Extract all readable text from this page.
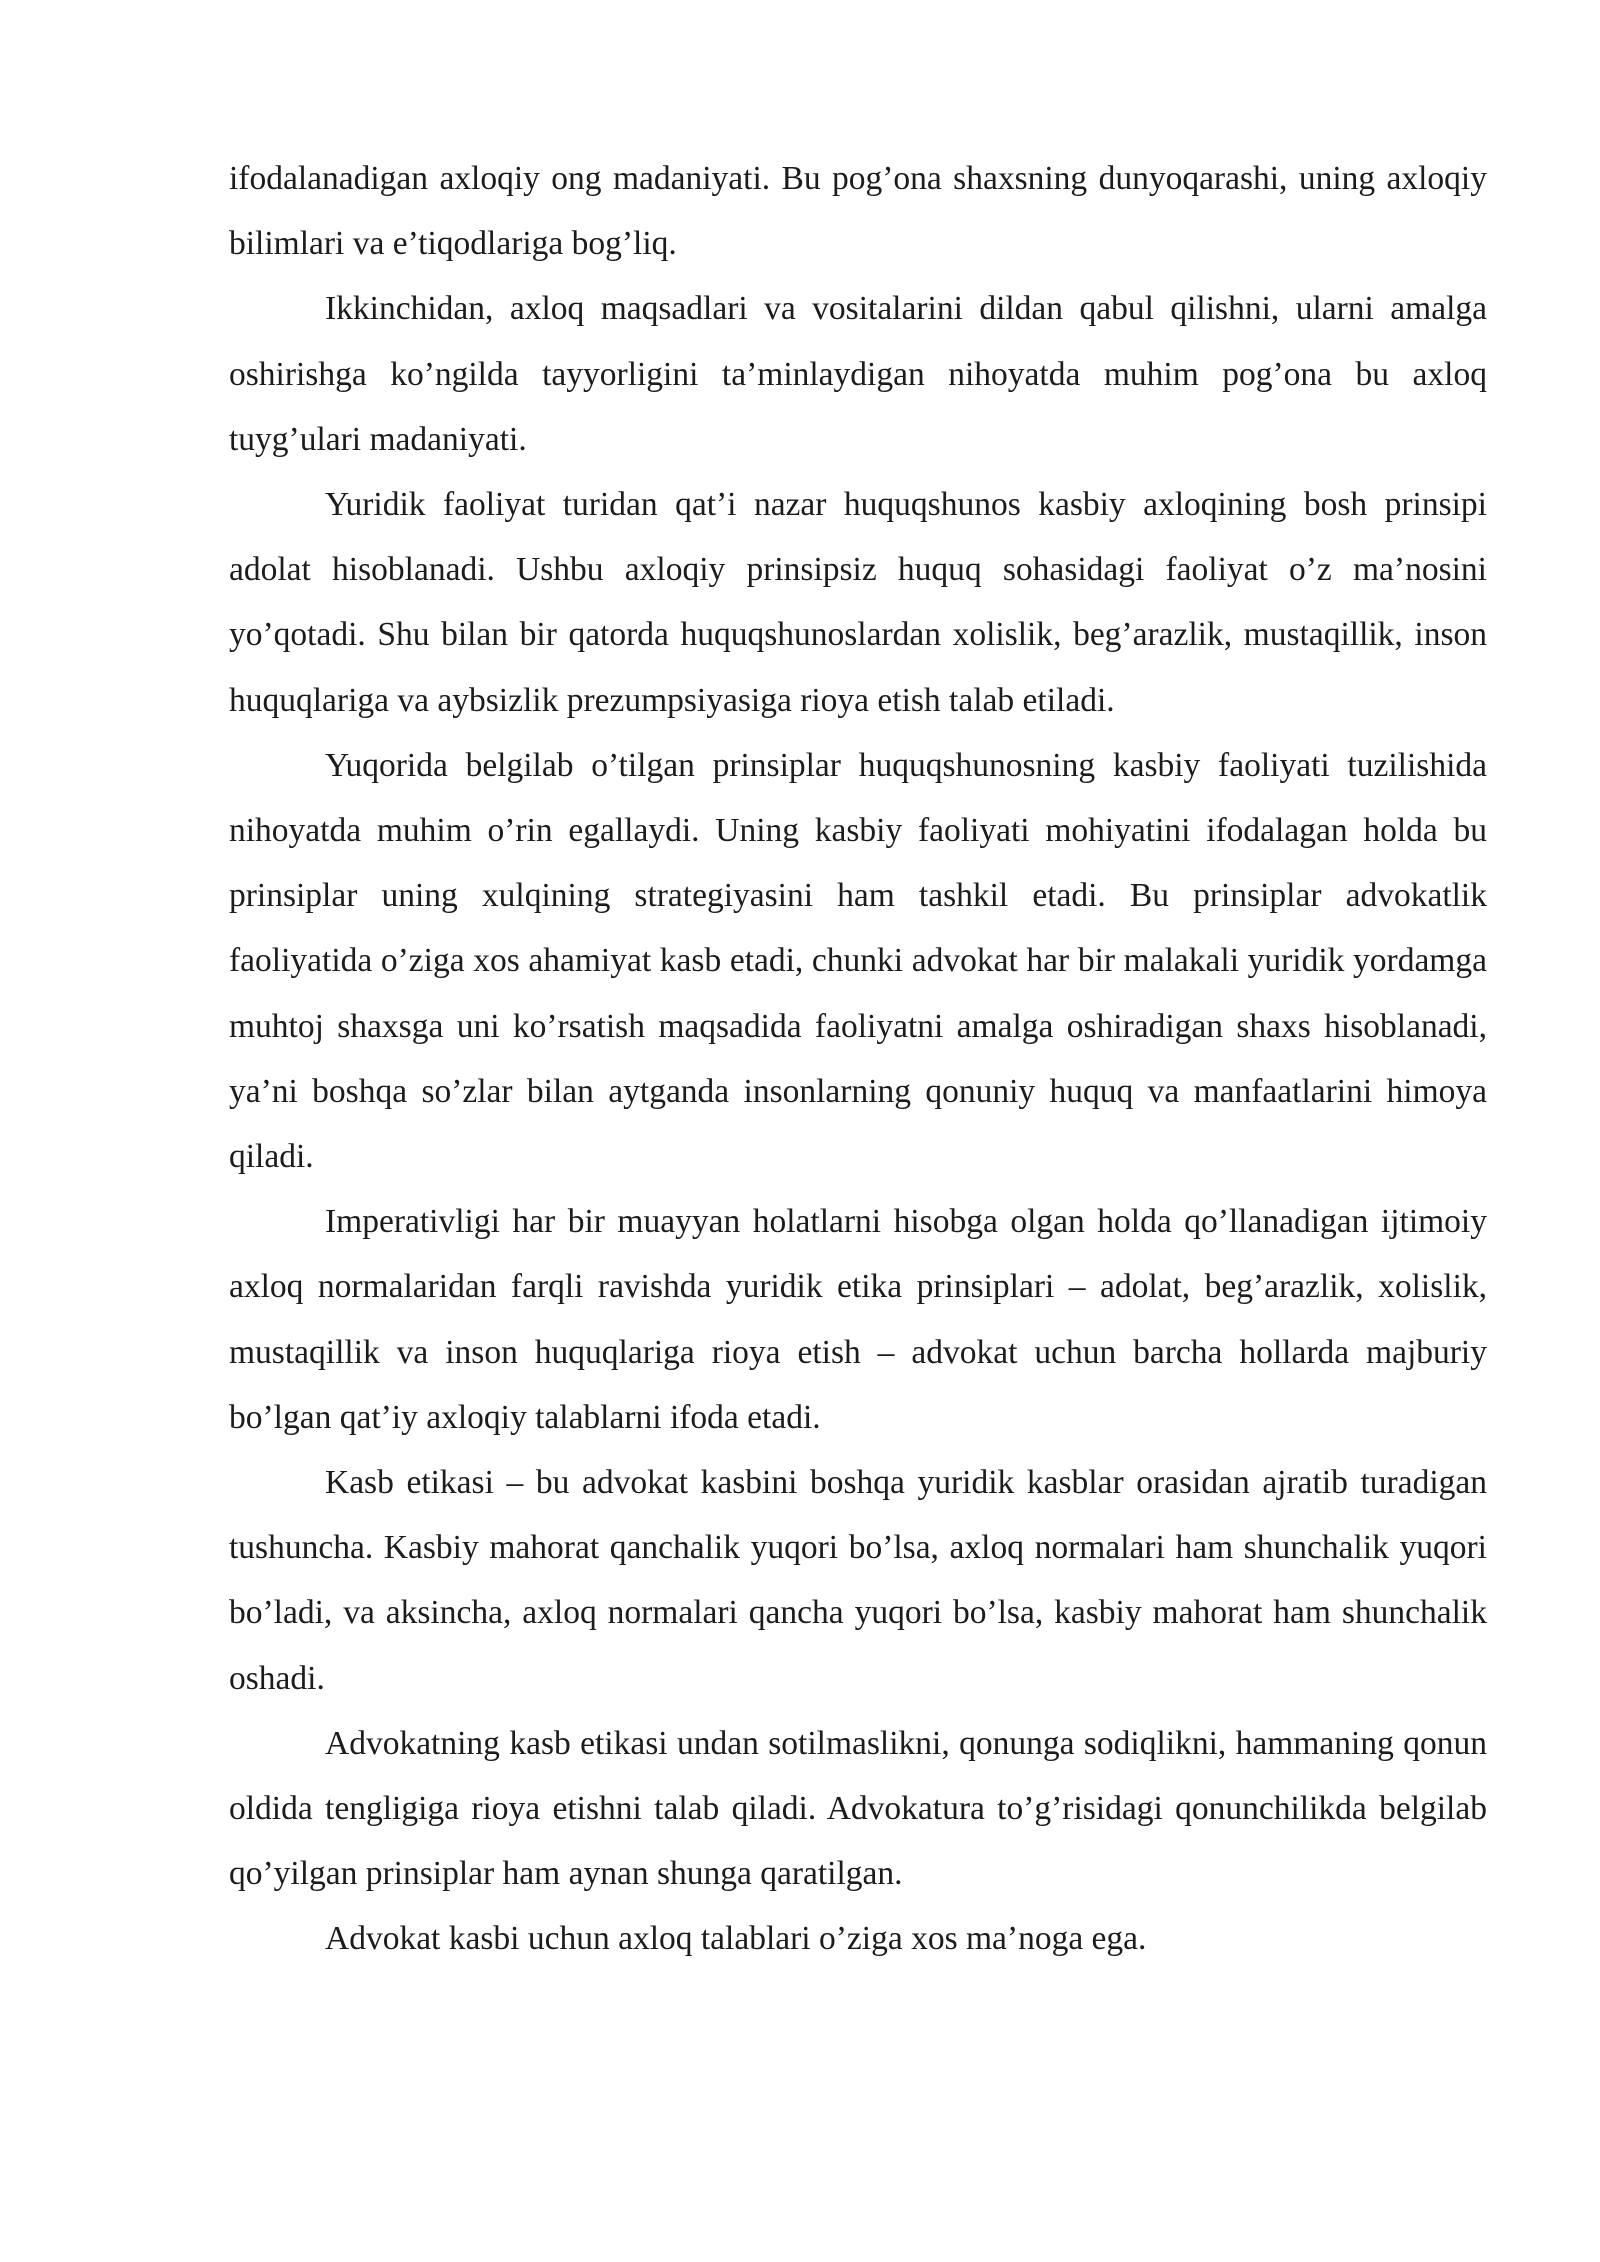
ifodalanadigan axloqiy ong madaniyati. Bu pog’ona shaxsning dunyoqarashi, uning axloqiy bilimlari va e’tiqodlariga bog’liq.

Ikkinchidan, axloq maqsadlari va vositalarini dildan qabul qilishni, ularni amalga oshirishga ko’ngilda tayyorligini ta’minlaydigan nihoyatda muhim pog’ona bu axloq tuyg’ulari madaniyati.

Yuridik faoliyat turidan qat’i nazar huquqshunos kasbiy axloqining bosh prinsipi adolat hisoblanadi. Ushbu axloqiy prinsipsiz huquq sohasidagi faoliyat o’z ma’nosini yo’qotadi. Shu bilan bir qatorda huquqshunoslardan xolislik, beg’arazlik, mustaqillik, inson huquqlariga va aybsizlik prezumpsiyasiga rioya etish talab etiladi.

Yuqorida belgilab o’tilgan prinsiplar huquqshunosning kasbiy faoliyati tuzilishida nihoyatda muhim o’rin egallaydi. Uning kasbiy faoliyati mohiyatini ifodalagan holda bu prinsiplar uning xulqining strategiyasini ham tashkil etadi. Bu prinsiplar advokatlik faoliyatida o’ziga xos ahamiyat kasb etadi, chunki advokat har bir malakali yuridik yordamga muhtoj shaxsga uni ko’rsatish maqsadida faoliyatni amalga oshiradigan shaxs hisoblanadi, ya’ni boshqa so’zlar bilan aytganda insonlarning qonuniy huquq va manfaatlarini himoya qiladi.

Imperativligi har bir muayyan holatlarni hisobga olgan holda qo’llanadigan ijtimoiy axloq normalaridan farqli ravishda yuridik etika prinsiplari – adolat, beg’arazlik, xolislik, mustaqillik va inson huquqlariga rioya etish – advokat uchun barcha hollarda majburiy bo’lgan qat’iy axloqiy talablarni ifoda etadi.

Kasb etikasi – bu advokat kasbini boshqa yuridik kasblar orasidan ajratib turadigan tushuncha. Kasbiy mahorat qanchalik yuqori bo’lsa, axloq normalari ham shunchalik yuqori bo’ladi, va aksincha, axloq normalari qancha yuqori bo’lsa, kasbiy mahorat ham shunchalik oshadi.

Advokatning kasb etikasi undan sotilmaslikni, qonunga sodiqlikni, hammaning qonun oldida tengligiga rioya etishni talab qiladi. Advokatura to’g’risidagi qonunchilikda belgilab qo’yilgan prinsiplar ham aynan shunga qaratilgan.

Advokat kasbi uchun axloq talablari o’ziga xos ma’noga ega.
